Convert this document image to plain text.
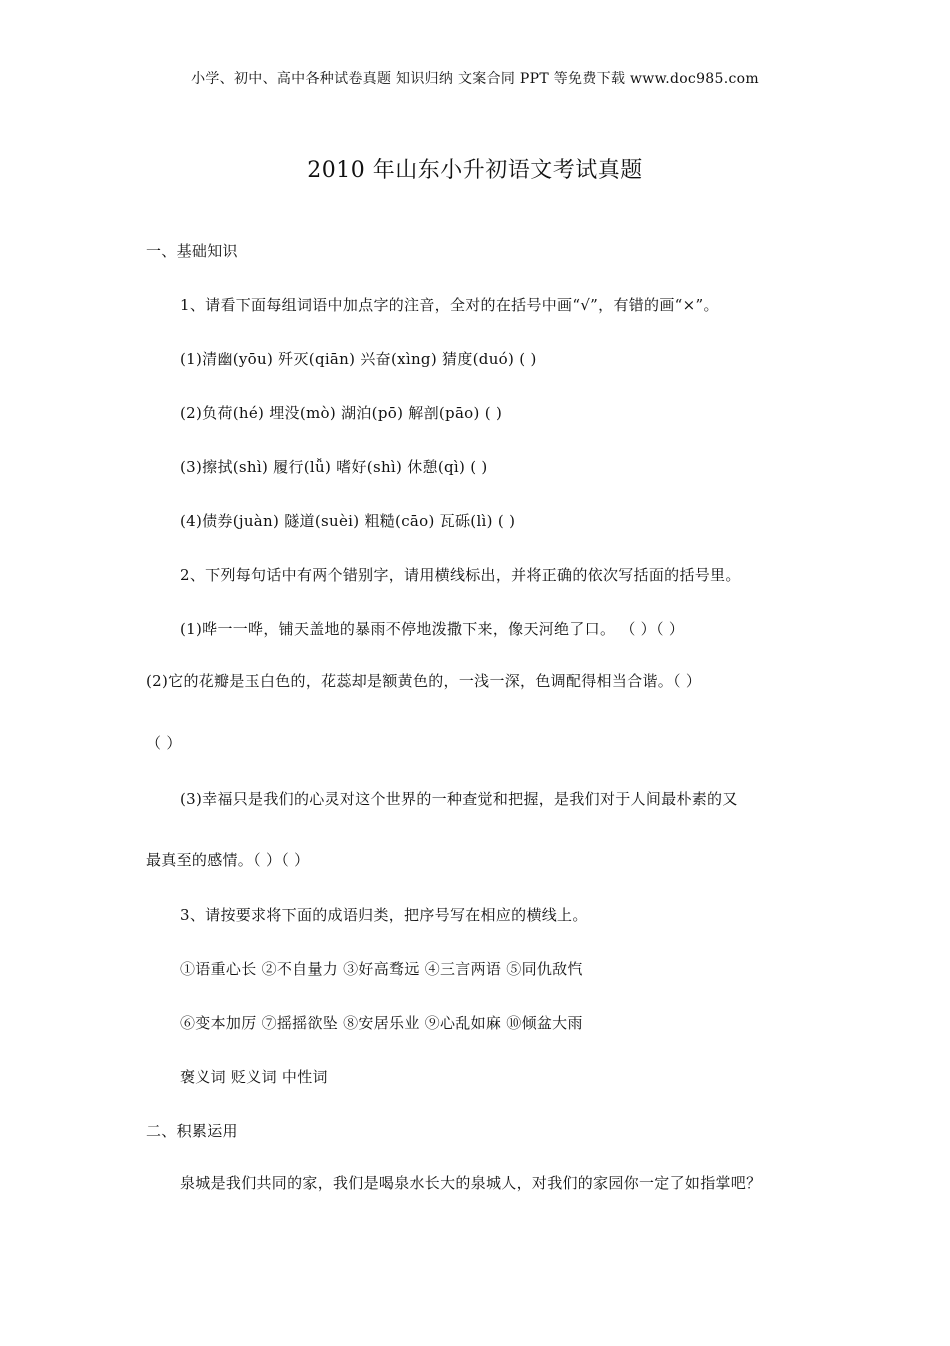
小学、初中、高中各种试卷真题 知识归纳 文案合同 PPT 等免费下载 www.doc985.com
2010 年山东小升初语文考试真题
一、基础知识
1、请看下面每组词语中加点字的注音，全对的在括号中画“√”，有错的画“×”。
(1)清幽(yōu) 歼灭(qiān) 兴奋(xìng) 猜度(duó) ( )
(2)负荷(hé) 埋没(mò) 湖泊(pō) 解剖(pāo) ( )
(3)擦拭(shì) 履行(lǚ) 嗜好(shì) 休憩(qì) ( )
(4)债券(juàn) 隧道(suèi) 粗糙(cāo) 瓦砾(lì) ( )
2、下列每句话中有两个错别字，请用横线标出，并将正确的依次写括面的括号里。
(1)哗一一哗，铺天盖地的暴雨不停地泼撒下来，像天河绝了口。 （ ）（ ）
(2)它的花瓣是玉白色的，花蕊却是额黄色的，一浅一深，色调配得相当合谐。（ ）
（ ）
(3)幸福只是我们的心灵对这个世界的一种查觉和把握，是我们对于人间最朴素的又
最真至的感情。（ ）（ ）
3、请按要求将下面的成语归类，把序号写在相应的横线上。
①语重心长 ②不自量力 ③好高骛远 ④三言两语 ⑤同仇敌忾
⑥变本加厉 ⑦摇摇欲坠 ⑧安居乐业 ⑨心乱如麻 ⑩倾盆大雨
褒义词 贬义词 中性词
二、积累运用
泉城是我们共同的家，我们是喝泉水长大的泉城人，对我们的家园你一定了如指掌吧？
